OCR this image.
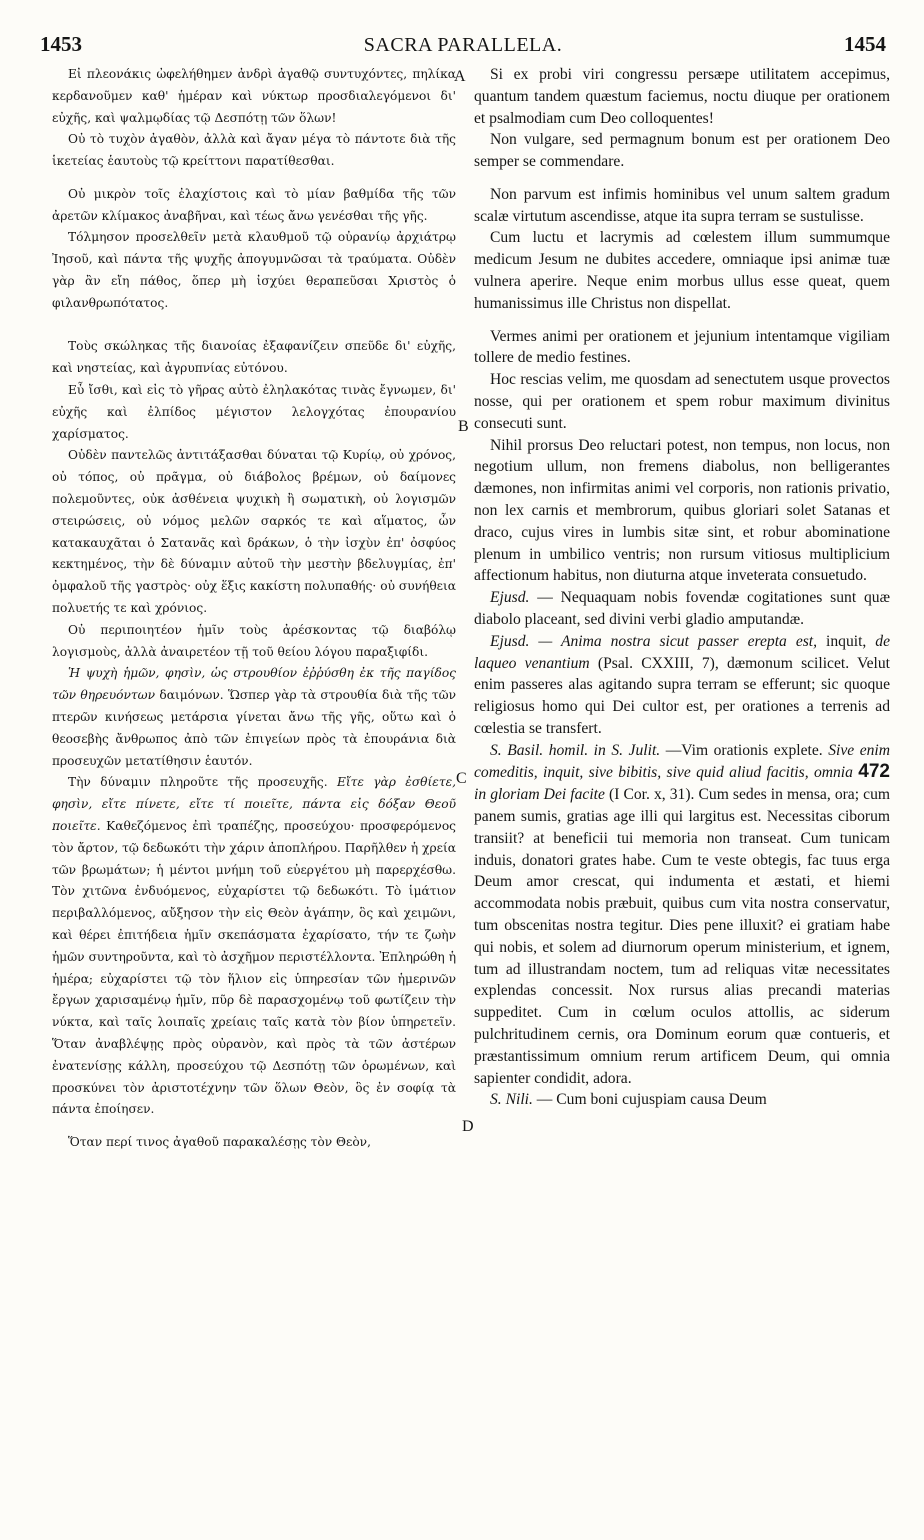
1453	SACRA PARALLELA.	1454
A
B
C
D

Εἰ πλεονάκις ὠφελήθημεν ἀνδρὶ ἀγαθῷ συντυχόντες, πηλίκα κερδανοῦμεν καθ' ἡμέραν καὶ νύκτωρ προσδιαλεγόμενοι δι' εὐχῆς, καὶ ψαλμῳδίας τῷ Δεσπότῃ τῶν ὅλων!

Οὐ τὸ τυχὸν ἀγαθὸν, ἀλλὰ καὶ ἄγαν μέγα τὸ πάντοτε διὰ τῆς ἱκετείας ἑαυτοὺς τῷ κρείττονι παρατίθεσθαι.

Οὐ μικρὸν τοῖς ἐλαχίστοις καὶ τὸ μίαν βαθμίδα τῆς τῶν ἀρετῶν κλίμακος ἀναβῆναι, καὶ τέως ἄνω γενέσθαι τῆς γῆς.

Τόλμησον προσελθεῖν μετὰ κλαυθμοῦ τῷ οὐρανίῳ ἀρχιάτρῳ Ἰησοῦ, καὶ πάντα τῆς ψυχῆς ἀπογυμνῶσαι τὰ τραύματα. Οὐδὲν γὰρ ἂν εἴη πάθος, ὅπερ μὴ ἰσχύει θεραπεῦσαι Χριστὸς ὁ φιλανθρωπότατος.

Τοὺς σκώληκας τῆς διανοίας ἐξαφανίζειν σπεῦδε δι' εὐχῆς, καὶ νηστείας, καὶ ἀγρυπνίας εὐτόνου.

Εὖ ἴσθι, καὶ εἰς τὸ γῆρας αὐτὸ ἐληλακότας τινὰς ἔγνωμεν, δι' εὐχῆς καὶ ἐλπίδος μέγιστον λελογχότας ἐπουρανίου χαρίσματος.

Οὐδὲν παντελῶς ἀντιτάξασθαι δύναται τῷ Κυρίῳ, οὐ χρόνος, οὐ τόπος, οὐ πρᾶγμα, οὐ διάβολος βρέμων, οὐ δαίμονες πολεμοῦντες, οὐκ ἀσθένεια ψυχικὴ ἢ σωματικὴ, οὐ λογισμῶν στειρώσεις, οὐ νόμος μελῶν σαρκός τε καὶ αἵματος, ὧν κατακαυχᾶται ὁ Σατανᾶς καὶ δράκων, ὁ τὴν ἰσχὺν ἐπ' ὀσφύος κεκτημένος, τὴν δὲ δύναμιν αὐτοῦ τὴν μεστὴν βδελυγμίας, ἐπ' ὀμφαλοῦ τῆς γαστρὸς· οὐχ ἕξις κακίστη πολυπαθής· οὐ συνήθεια πολυετής τε καὶ χρόνιος.

Οὐ περιποιητέον ἡμῖν τοὺς ἀρέσκοντας τῷ διαβόλῳ λογισμοὺς, ἀλλὰ ἀναιρετέον τῇ τοῦ θείου λόγου παραξιφίδι.

Ἡ ψυχὴ ἡμῶν, φησὶν, ὡς στρουθίον ἐῤῥύσθη ἐκ τῆς παγίδος τῶν θηρευόντων δαιμόνων. Ὥσπερ γὰρ τὰ στρουθία διὰ τῆς τῶν πτερῶν κινήσεως μετάρσια γίνεται ἄνω τῆς γῆς, οὕτω καὶ ὁ θεοσεβὴς ἄνθρωπος ἀπὸ τῶν ἐπιγείων πρὸς τὰ ἐπουράνια διὰ προσευχῶν μετατίθησιν ἑαυτόν.

Τὴν δύναμιν πληροῦτε τῆς προσευχῆς. Εἴτε γὰρ ἐσθίετε, φησὶν, εἴτε πίνετε, εἴτε τί ποιεῖτε, πάντα εἰς δόξαν Θεοῦ ποιεῖτε. Καθεζόμενος ἐπὶ τραπέζης, προσεύχου· προσφερόμενος τὸν ἄρτον, τῷ δεδωκότι τὴν χάριν ἀποπλήρου. Παρῆλθεν ἡ χρεία τῶν βρωμάτων; ἡ μέντοι μνήμη τοῦ εὐεργέτου μὴ παρερχέσθω. Τὸν χιτῶνα ἐνδυόμενος, εὐχαρίστει τῷ δεδωκότι. Τὸ ἱμάτιον περιβαλλόμενος, αὔξησον τὴν εἰς Θεὸν ἀγάπην, ὃς καὶ χειμῶνι, καὶ θέρει ἐπιτήδεια ἡμῖν σκεπάσματα ἐχαρίσατο, τήν τε ζωὴν ἡμῶν συντηροῦντα, καὶ τὸ ἀσχῆμον περιστέλλοντα. Ἐπληρώθη ἡ ἡμέρα; εὐχαρίστει τῷ τὸν ἥλιον εἰς ὑπηρεσίαν τῶν ἡμερινῶν ἔργων χαρισαμένῳ ἡμῖν, πῦρ δὲ παρασχομένῳ τοῦ φωτίζειν τὴν νύκτα, καὶ ταῖς λοιπαῖς χρείαις ταῖς κατὰ τὸν βίον ὑπηρετεῖν. Ὅταν ἀναβλέψῃς πρὸς οὐρανὸν, καὶ πρὸς τὰ τῶν ἀστέρων ἐνατενίσῃς κάλλη, προσεύχου τῷ Δεσπότῃ τῶν ὁρωμένων, καὶ προσκύνει τὸν ἀριστοτέχνην τῶν ὅλων Θεὸν, ὃς ἐν σοφίᾳ τὰ πάντα ἐποίησεν.

Ὅταν περί τινος ἀγαθοῦ παρακαλέσῃς τὸν Θεὸν,

Si ex probi viri congressu persæpe utilitatem accepimus, quantum tandem quæstum faciemus, noctu diuque per orationem et psalmodiam cum Deo colloquentes!

Non vulgare, sed permagnum bonum est per orationem Deo semper se commendare.

Non parvum est infimis hominibus vel unum saltem gradum scalæ virtutum ascendisse, atque ita supra terram se sustulisse.

Cum luctu et lacrymis ad cœlestem illum summumque medicum Jesum ne dubites accedere, omniaque ipsi animæ tuæ vulnera aperire. Neque enim morbus ullus esse queat, quem humanissimus ille Christus non dispellat.

Vermes animi per orationem et jejunium intentamque vigiliam tollere de medio festines.

Hoc rescias velim, me quosdam ad senectutem usque provectos nosse, qui per orationem et spem robur maximum divinitus consecuti sunt.

Nihil prorsus Deo reluctari potest, non tempus, non locus, non negotium ullum, non fremens diabolus, non belligerantes dæmones, non infirmitas animi vel corporis, non rationis privatio, non lex carnis et membrorum, quibus gloriari solet Satanas et draco, cujus vires in lumbis sitæ sint, et robur abominatione plenum in umbilico ventris; non rursum vitiosus multiplicium affectionum habitus, non diuturna atque inveterata consuetudo.

Ejusd. — Nequaquam nobis fovendæ cogitationes sunt quæ diabolo placeant, sed divini verbi gladio amputandæ.

Ejusd. — Anima nostra sicut passer erepta est, inquit, de laqueo venantium (Psal. CXXIII, 7), dæmonum scilicet. Velut enim passeres alas agitando supra terram se efferunt; sic quoque religiosus homo qui Dei cultor est, per orationes a terrenis ad cœlestia se transfert.

S. Basil. homil. in S. Julit. —Vim orationis explete. Sive enim comeditis, inquit, sive bibitis, sive quid aliud facitis, omnia 472 in gloriam Dei facite (I Cor. x, 31). Cum sedes in mensa, ora; cum panem sumis, gratias age illi qui largitus est. Necessitas ciborum transiit? at beneficii tui memoria non transeat. Cum tunicam induis, donatori grates habe. Cum te veste obtegis, fac tuus erga Deum amor crescat, qui indumenta et æstati, et hiemi accommodata nobis præbuit, quibus cum vita nostra conservatur, tum obscenitas nostra tegitur. Dies pene illuxit? ei gratiam habe qui nobis, et solem ad diurnorum operum ministerium, et ignem, tum ad illustrandam noctem, tum ad reliquas vitæ necessitates explendas concessit. Nox rursus alias precandi materias suppeditet. Cum in cœlum oculos attollis, ac siderum pulchritudinem cernis, ora Dominum eorum quæ contueris, et præstantissimum omnium rerum artificem Deum, qui omnia sapienter condidit, adora.

S. Nili. — Cum boni cujuspiam causa Deum
